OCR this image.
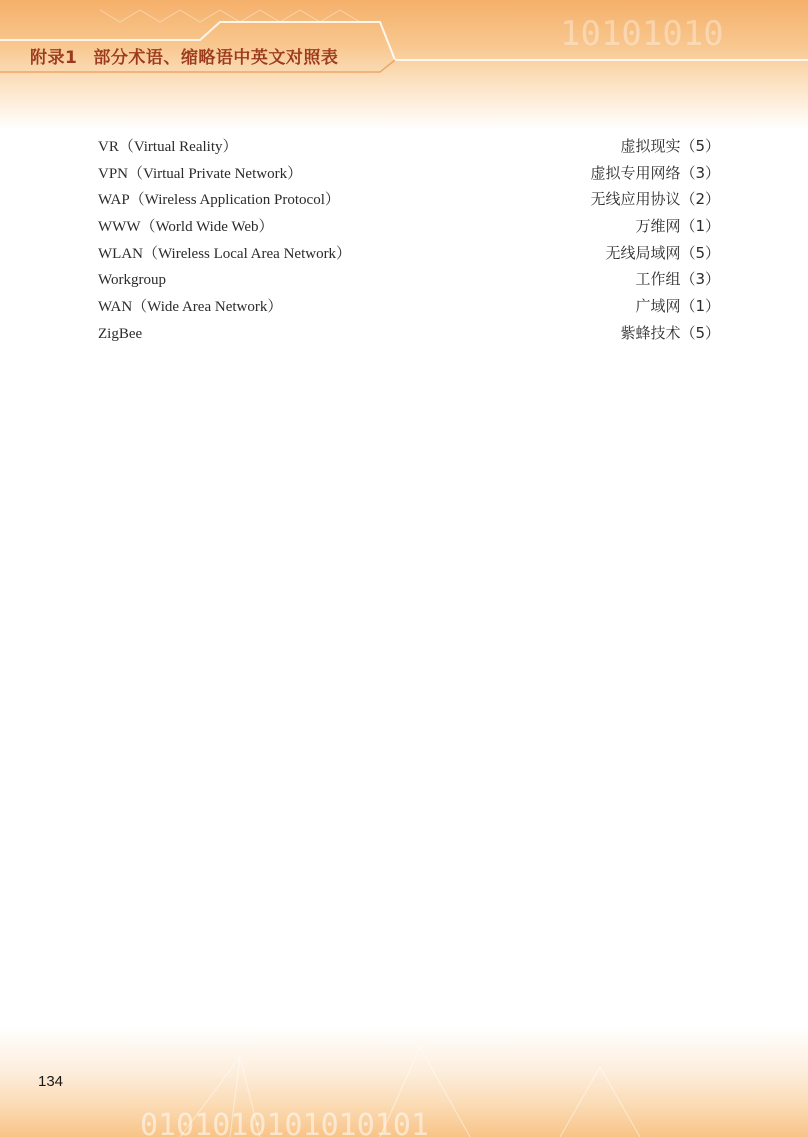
10101010
附录1 部分术语、缩略语中英文对照表
VR（Virtual Reality）	虚拟现实（5）
VPN（Virtual Private Network）	虚拟专用网络（3）
WAP（Wireless Application Protocol）	无线应用协议（2）
WWW（World Wide Web）	万维网（1）
WLAN（Wireless Local Area Network）	无线局域网（5）
Workgroup	工作组（3）
WAN（Wide Area Network）	广域网（1）
ZigBee	紫蜂技术（5）
0101010101010101
134
